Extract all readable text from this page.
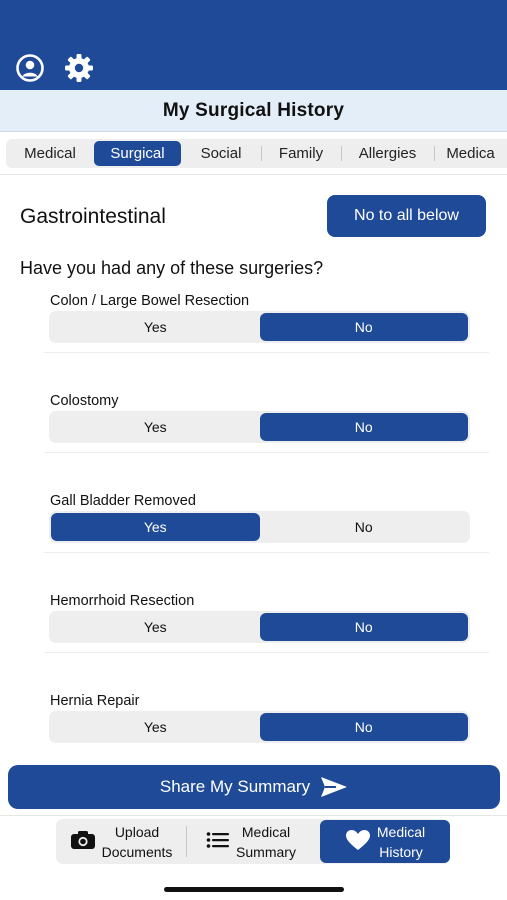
My Surgical History
Medical	Surgical	Social	Family	Allergies	Medica
Gastrointestinal	No to all below
Have you had any of these surgeries?
Colon / Large Bowel Resection
Yes	No
Colostomy
Yes	No
Gall Bladder Removed
Yes	No
Hemorrhoid Resection
Yes	No
Hernia Repair
Yes	No
Share My Summary
Upload
Documents
Medical
Summary
Medical
History
